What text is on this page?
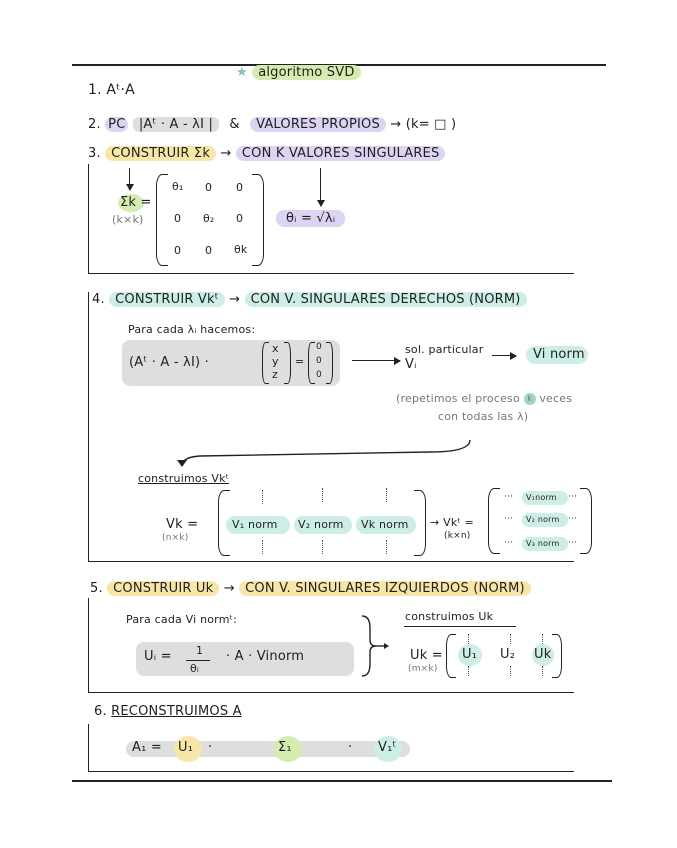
★ algoritmo SVD
1. Aᵗ·A
2. PC |Aᵗ · A - λI | & VALORES PROPIOS → (k= □ )
3. CONSTRUIR Σk → CON K VALORES SINGULARES
Σk =
(k×k)
θ₁ 0 0
0 θ₂ 0
0 0 θk
θᵢ = √λᵢ
4. CONSTRUIR Vkᵗ → CON V. SINGULARES DERECHOS (NORM)
Para cada λᵢ hacemos:
(Aᵗ · A - λI) ·
x
y
z
=
0
0
0
sol. particular
Vᵢ
Vi norm
(repetimos el proceso k veces
con todas las λ)
construimos Vkᵗ
Vk =
(n×k)
V₁ norm V₂ norm Vk norm → Vkᵗ =
(k×n)
··· V₁norm ···
··· V₂ norm ···
··· V₃ norm ···
5. CONSTRUIR Uk → CON V. SINGULARES IZQUIERDOS (NORM)
Para cada Vi normᵗ:
Uᵢ = 1
θᵢ
· A · Vinorm
construimos Uk
Uk =
(m×k)
U₁ U₂ Uk
6. RECONSTRUIMOS A
A₁ = U₁ ·	Σ₁	· V₁ᵗ
